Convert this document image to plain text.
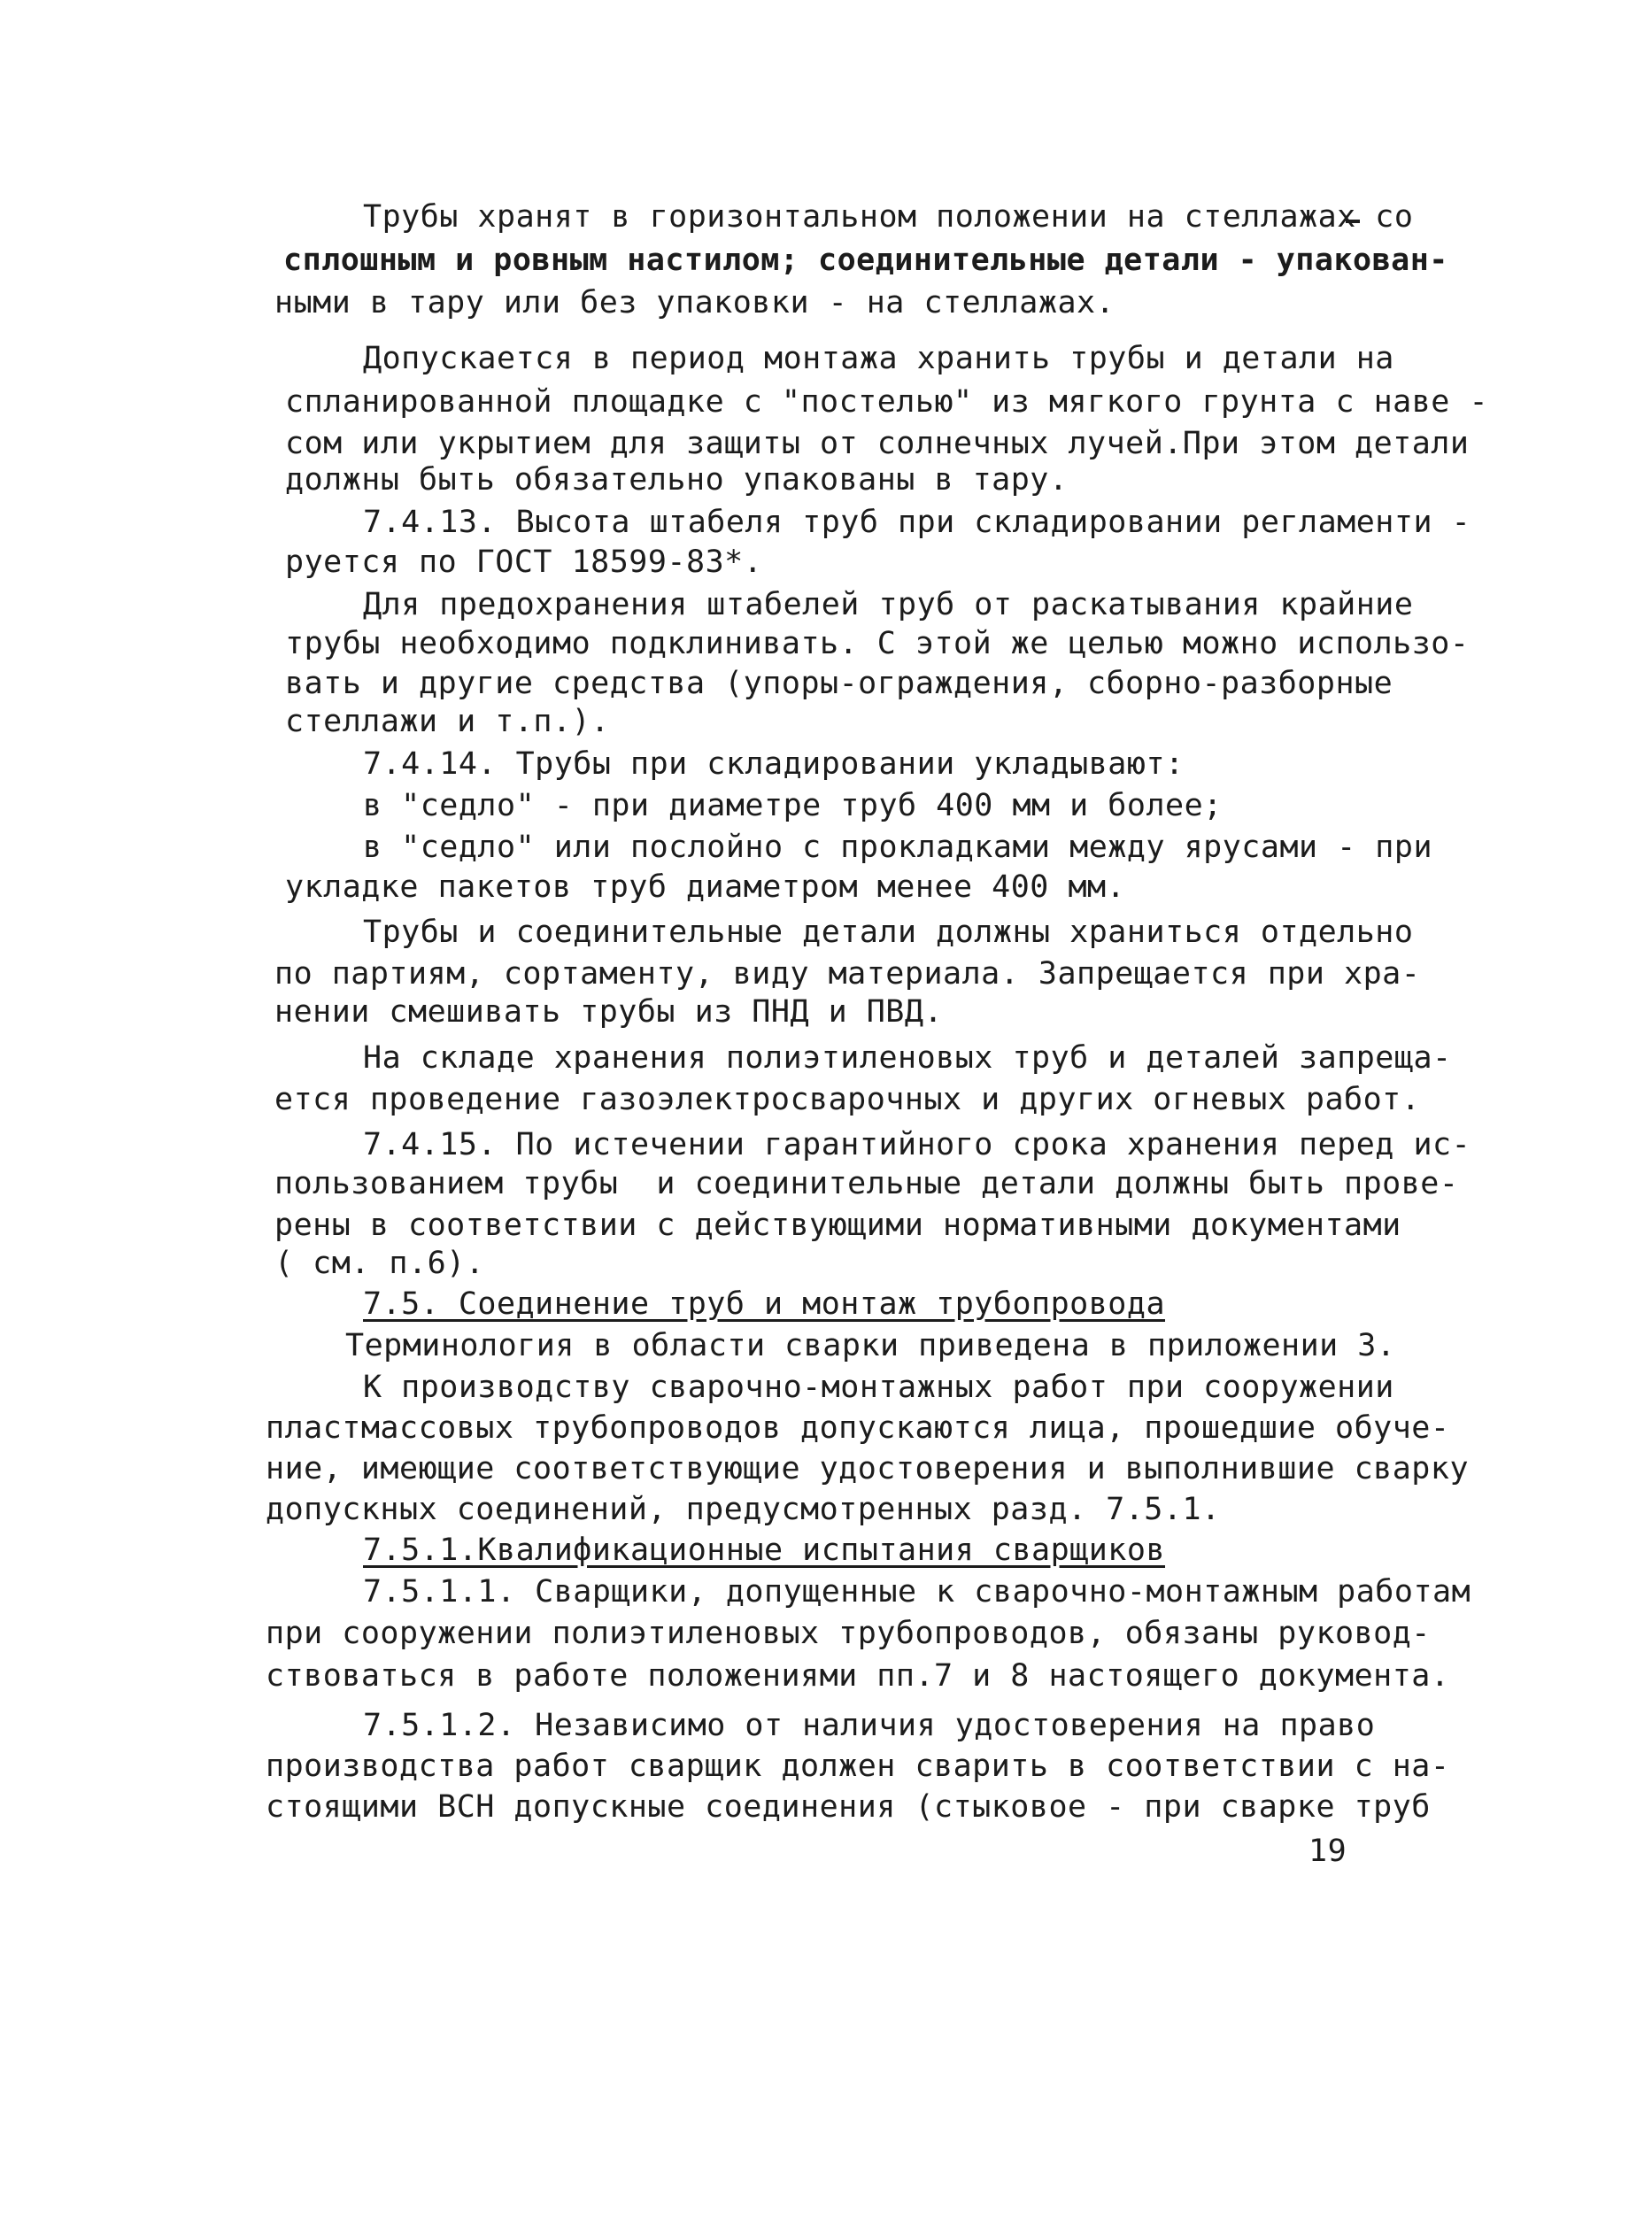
Трубы хранят в горизонтальном положении на стеллажах со
сплошным и ровным настилом; соединительные детали - упакован-
ными в тару или без упаковки - на стеллажах.
Допускается в период монтажа хранить трубы и детали на
спланированной площадке с "постелью" из мягкого грунта с наве -
сом или укрытием для защиты от солнечных лучей.При этом детали
должны быть обязательно упакованы в тару.
7.4.13. Высота штабеля труб при складировании регламенти -
руется по ГОСТ 18599-83*.
Для предохранения штабелей труб от раскатывания крайние
трубы необходимо подклинивать. С этой же целью можно использо-
вать и другие средства (упоры-ограждения, сборно-разборные
стеллажи и т.п.).
7.4.14. Трубы при складировании укладывают:
в "седло" - при диаметре труб 400 мм и более;
в "седло" или послойно с прокладками между ярусами - при
укладке пакетов труб диаметром менее 400 мм.
Трубы и соединительные детали должны храниться отдельно
по партиям, сортаменту, виду материала. Запрещается при хра-
нении смешивать трубы из ПНД и ПВД.
На складе хранения полиэтиленовых труб и деталей запреща-
ется проведение газоэлектросварочных и других огневых работ.
7.4.15. По истечении гарантийного срока хранения перед ис-
пользованием трубы  и соединительные детали должны быть прове-
рены в соответствии с действующими нормативными документами
( см. п.6).
7.5. Соединение труб и монтаж трубопровода
Терминология в области сварки приведена в приложении 3.
К производству сварочно-монтажных работ при сооружении
пластмассовых трубопроводов допускаются лица, прошедшие обуче-
ние, имеющие соответствующие удостоверения и выполнившие сварку
допускных соединений, предусмотренных разд. 7.5.1.
7.5.1.Квалификационные испытания сварщиков
7.5.1.1. Сварщики, допущенные к сварочно-монтажным работам
при сооружении полиэтиленовых трубопроводов, обязаны руковод-
ствоваться в работе положениями пп.7 и 8 настоящего документа.
7.5.1.2. Независимо от наличия удостоверения на право
производства работ сварщик должен сварить в соответствии с на-
стоящими ВСН допускные соединения (стыковое - при сварке труб
19
